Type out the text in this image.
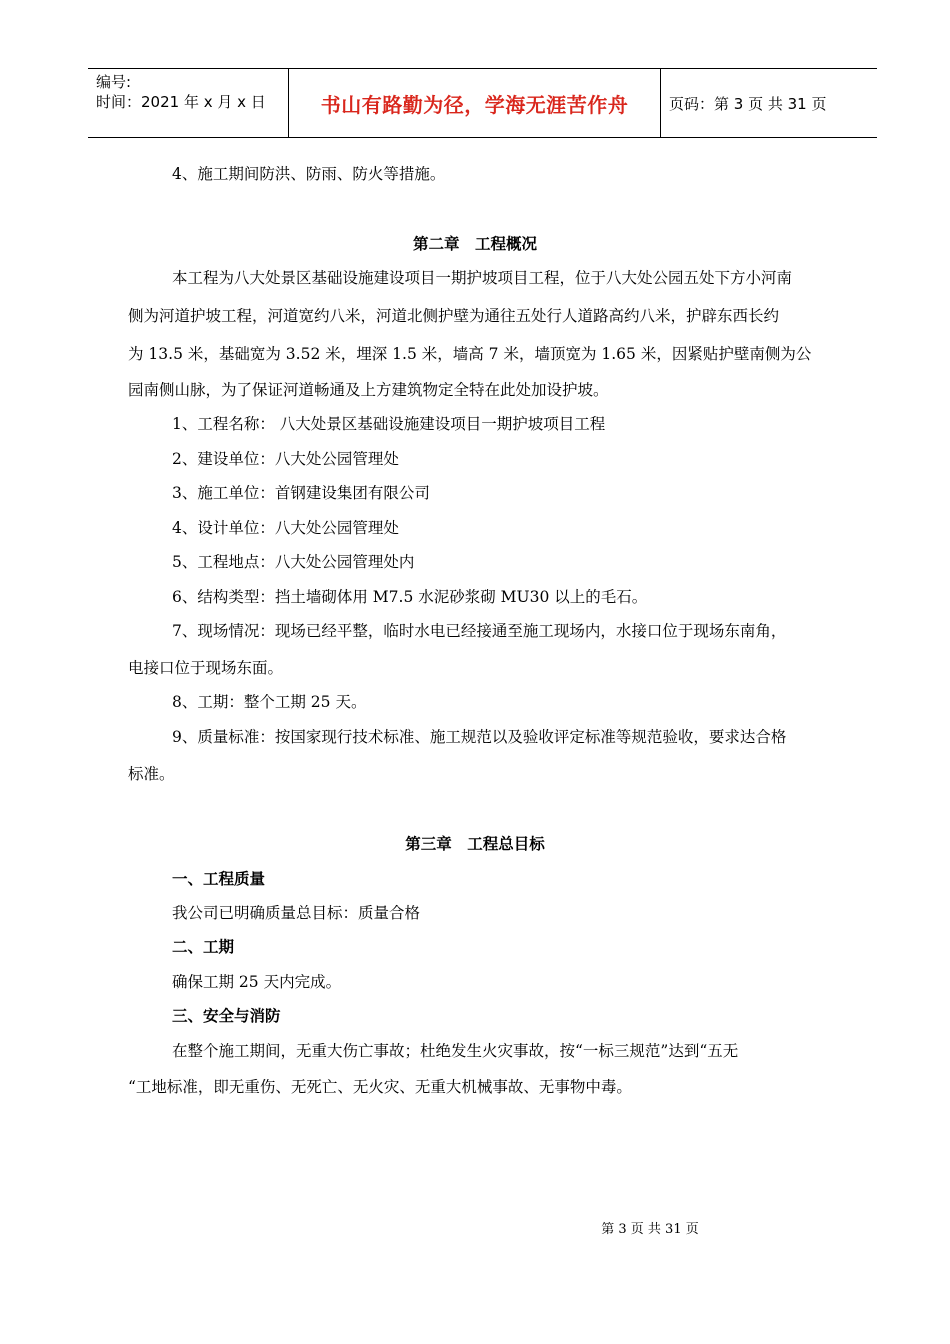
编号:
时间：2021 年 x 月 x 日	书山有路勤为径，学海无涯苦作舟	页码：第 3 页 共 31 页
4、施工期间防洪、防雨、防火等措施。
第二章　工程概况
本工程为八大处景区基础设施建设项目一期护坡项目工程，位于八大处公园五处下方小河南
侧为河道护坡工程，河道宽约八米，河道北侧护壁为通往五处行人道路高约八米，护辟东西长约
为 13.5 米，基础宽为 3.52 米，埋深 1.5 米，墙高 7 米，墙顶宽为 1.65 米，因紧贴护壁南侧为公
园南侧山脉，为了保证河道畅通及上方建筑物定全特在此处加设护坡。
1、工程名称： 八大处景区基础设施建设项目一期护坡项目工程
2、建设单位：八大处公园管理处
3、施工单位：首钢建设集团有限公司
4、设计单位：八大处公园管理处
5、工程地点：八大处公园管理处内
6、结构类型：挡土墙砌体用 M7.5 水泥砂浆砌 MU30 以上的毛石。
7、现场情况：现场已经平整，临时水电已经接通至施工现场内，水接口位于现场东南角，
电接口位于现场东面。
8、工期：整个工期 25 天。
9、质量标准：按国家现行技术标准、施工规范以及验收评定标准等规范验收，要求达合格
标准。
第三章　工程总目标
一、工程质量
我公司已明确质量总目标：质量合格
二、工期
确保工期 25 天内完成。
三、安全与消防
在整个施工期间，无重大伤亡事故；杜绝发生火灾事故，按“一标三规范”达到“五无
“工地标准，即无重伤、无死亡、无火灾、无重大机械事故、无事物中毒。
第 3 页 共 31 页
